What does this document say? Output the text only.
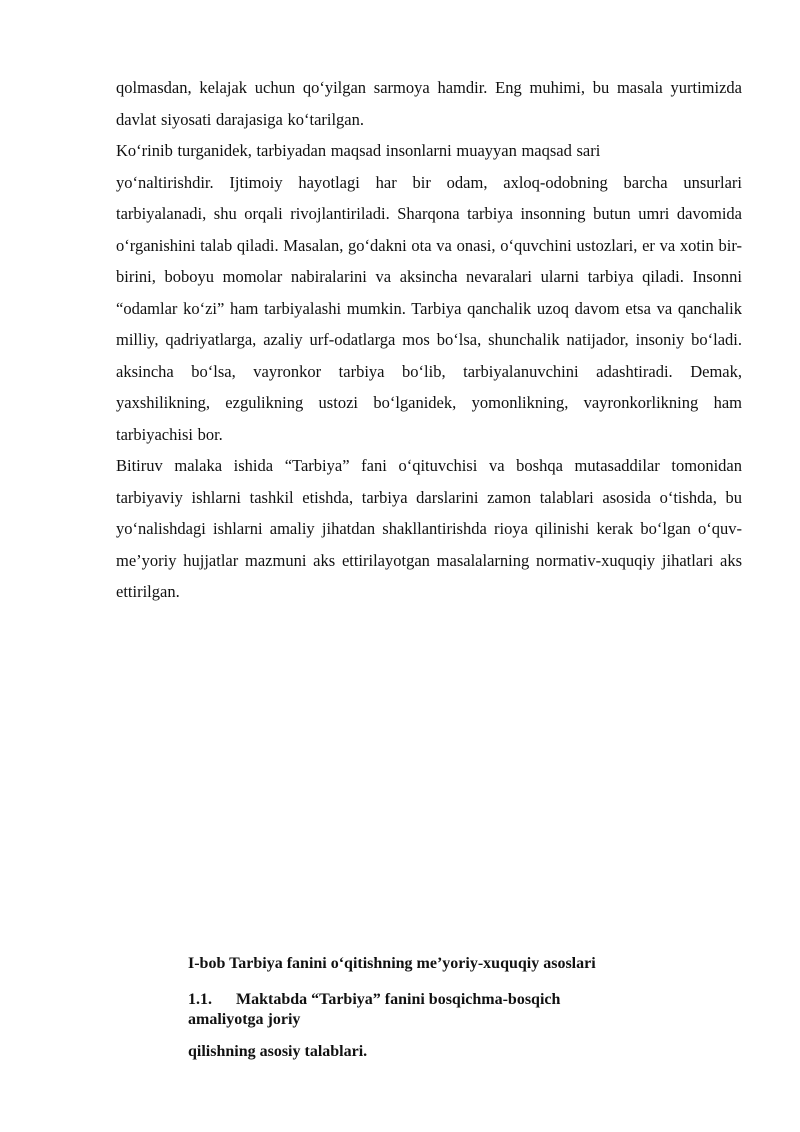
qolmasdan, kelajak uchun qo‘yilgan sarmoya hamdir. Eng muhimi, bu masala yurtimizda davlat siyosati darajasiga ko‘tarilgan.

Ko‘rinib turganidek, tarbiyadan maqsad insonlarni muayyan maqsad sari

yo‘naltirishdir. Ijtimoiy hayotlagi har bir odam, axloq-odobning barcha unsurlari tarbiyalanadi, shu orqali rivojlantiriladi. Sharqona tarbiya insonning butun umri davomida o‘rganishini talab qiladi. Masalan, go‘dakni ota va onasi, o‘quvchini ustozlari, er va xotin bir-birini, boboyu momolar nabiralarini va aksincha nevaralari ularni tarbiya qiladi. Insonni “odamlar ko‘zi” ham tarbiyalashi mumkin. Tarbiya qanchalik uzoq davom etsa va qanchalik milliy, qadriyatlarga, azaliy urf-odatlarga mos bo‘lsa, shunchalik natijador, insoniy bo‘ladi. aksincha bo‘lsa, vayronkor tarbiya bo‘lib, tarbiyalanuvchini adashtiradi. Demak, yaxshilikning, ezgulikning ustozi bo‘lganidek, yomonlikning, vayronkorlikning ham tarbiyachisi bor.

Bitiruv malaka ishida “Tarbiya” fani o‘qituvchisi va boshqa mutasaddilar tomonidan tarbiyaviy ishlarni tashkil etishda, tarbiya darslarini zamon talablari asosida o‘tishda, bu yo‘nalishdagi ishlarni amaliy jihatdan shakllantirishda rioya qilinishi kerak bo‘lgan o‘quv-me’yoriy hujjatlar mazmuni aks ettirilayotgan masalalarning normativ-xuquqiy jihatlari aks ettirilgan.

I-bob Tarbiya fanini o‘qitishning me’yoriy-xuquqiy asoslari

1.1.	Maktabda “Tarbiya” fanini bosqichma-bosqich

amaliyotga joriy

qilishning asosiy talablari.
